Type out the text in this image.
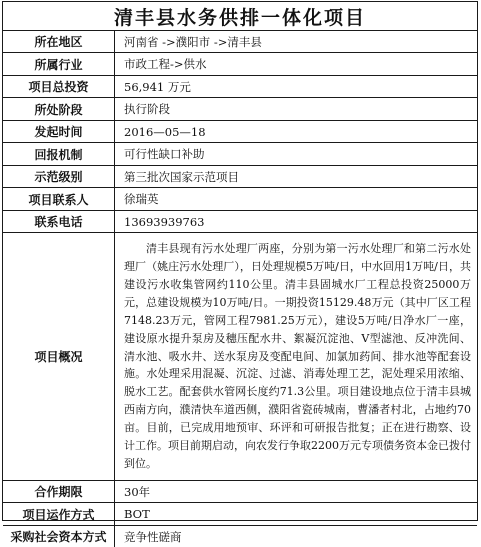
清丰县水务供排一体化项目
所在地区	河南省 ->濮阳市 ->清丰县
所属行业	市政工程->供水
项目总投资	56,941 万元
所处阶段	执行阶段
发起时间	2016—05—18
回报机制	可行性缺口补助
示范级别	第三批次国家示范项目
项目联系人	徐瑞英
联系电话	13693939763
项目概况	清丰县现有污水处理厂两座，分别为第一污水处理厂和第二污水处理厂（姚庄污水处理厂），日处理规模5万吨/日，中水回用1万吨/日，共建设污水收集管网约110公里。清丰县固城水厂工程总投资25000万元，总建设规模为10万吨/日。一期投资15129.48万元（其中厂区工程7148.23万元，管网工程7981.25万元），建设5万吨/日净水厂一座，建设原水提升泵房及穗压配水井、絮凝沉淀池、V型滤池、反冲洗间、清水池、吸水井、送水泵房及变配电间、加氯加药间、排水池等配套设施。水处理采用混凝、沉淀、过滤、消毒处理工艺，泥处理采用浓缩、脱水工艺。配套供水管网长度约71.3公里。项目建设地点位于清丰县城西南方向，濮清快车道西侧，濮阳省瓷砖城南，曹潘者村北，占地约70亩。目前，已完成用地预审、环评和可研报告批复；正在进行勘察、设计工作。项目前期启动，向农发行争取2200万元专项债务资本金已拨付到位。
合作期限	30年
项目运作方式	BOT
采购社会资本方式	竞争性磋商
